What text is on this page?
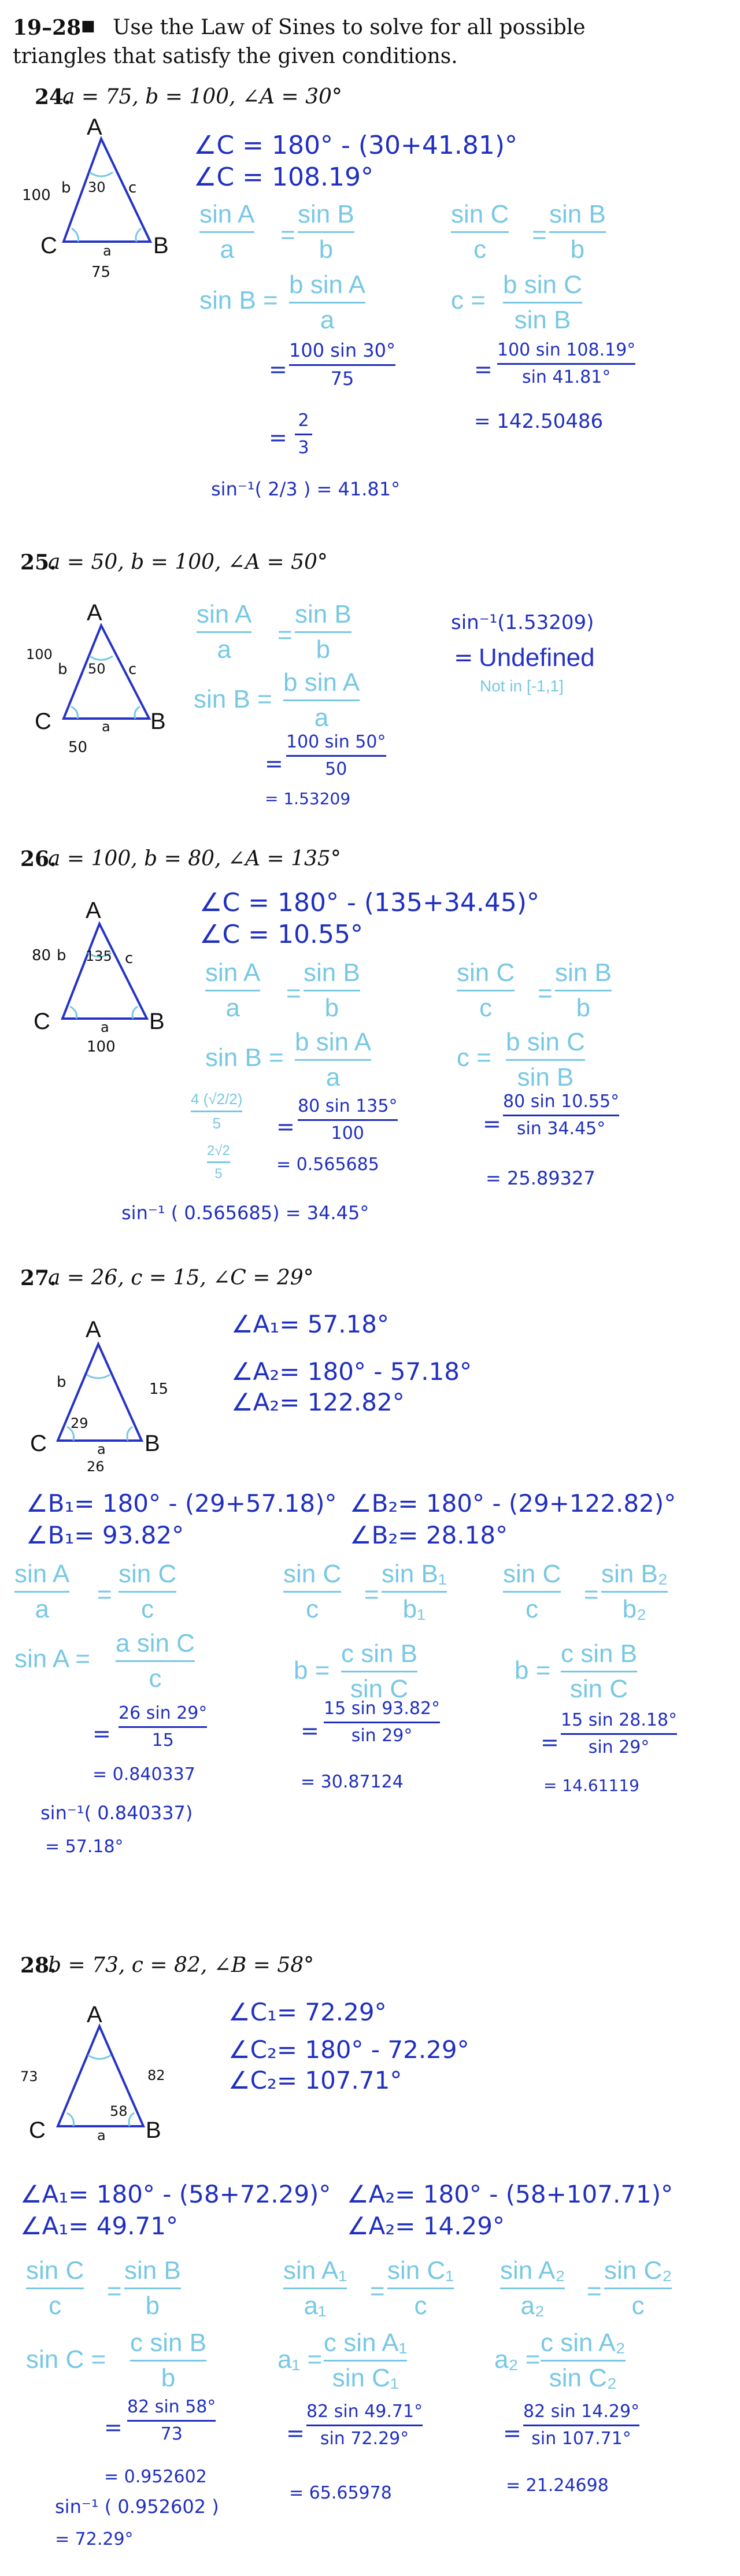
19–28 ■ Use the Law of Sines to solve for all possible
triangles that satisfy the given conditions.
24.
a = 75, b = 100, ∠A = 30°
A
C	B
100 b 30 c
a
75
∠C = 180° - (30+41.81)°
∠C = 108.19°
sin A
a
=
sin B
b
sin B =
b sin A
a
=
100 sin 30°
75
=
2
3
sin⁻¹( 2/3 ) = 41.81°
sin C
c
=
sin B
b
c =
b sin C
sin B
=
100 sin 108.19°
sin 41.81°
= 142.50486
25.
a = 50, b = 100, ∠A = 50°
A
C	B
100
b 50 c
a
50
sin A
a
=
sin B
b
sin B =
b sin A
a
=
100 sin 50°
50
= 1.53209
sin⁻¹(1.53209)
= Undefined
Not in [-1,1]
26.
a = 100, b = 80, ∠A = 135°
A
C	B
80 b 135 c
a
100
∠C = 180° - (135+34.45)°
∠C = 10.55°
sin A
a
=
sin B
b
sin B =
b sin A
a
4 (√2/2)
5
2√2
5
=
80 sin 135°
100
= 0.565685
sin⁻¹ ( 0.565685) = 34.45°
sin C
c
=
sin B
b
c =
b sin C
sin B
=
80 sin 10.55°
sin 34.45°
= 25.89327
27.
a = 26, c = 15, ∠C = 29°
A
C	B
b	15
29
a
26
∠A₁= 57.18°
∠A₂= 180° - 57.18°
∠A₂= 122.82°
∠B₁= 180° - (29+57.18)°
∠B₁= 93.82°
∠B₂= 180° - (29+122.82)°
∠B₂= 28.18°
sin A
a
=
sin C
c
sin A =
a sin C
c
=
26 sin 29°
15
= 0.840337
sin⁻¹( 0.840337)
= 57.18°
sin C
c
=
sin B₁
b₁
b =
c sin B
sin C
=
15 sin 93.82°
sin 29°
= 30.87124
sin C
c
=
sin B₂
b₂
b =
c sin B
sin C
=
15 sin 28.18°
sin 29°
= 14.61119
28.
b = 73, c = 82, ∠B = 58°
A
C	B
73	82
58
a
∠C₁= 72.29°
∠C₂= 180° - 72.29°
∠C₂= 107.71°
∠A₁= 180° - (58+72.29)°
∠A₁= 49.71°
∠A₂= 180° - (58+107.71)°
∠A₂= 14.29°
sin C
c
=
sin B
b
sin C =
c sin B
b
=
82 sin 58°
73
= 0.952602
sin⁻¹ ( 0.952602 )
= 72.29°
sin A₁
a₁
=
sin C₁
c
a₁ =
c sin A₁
sin C₁
=
82 sin 49.71°
sin 72.29°
= 65.65978
sin A₂
a₂
=
sin C₂
c
a₂ =
c sin A₂
sin C₂
=
82 sin 14.29°
sin 107.71°
= 21.24698
